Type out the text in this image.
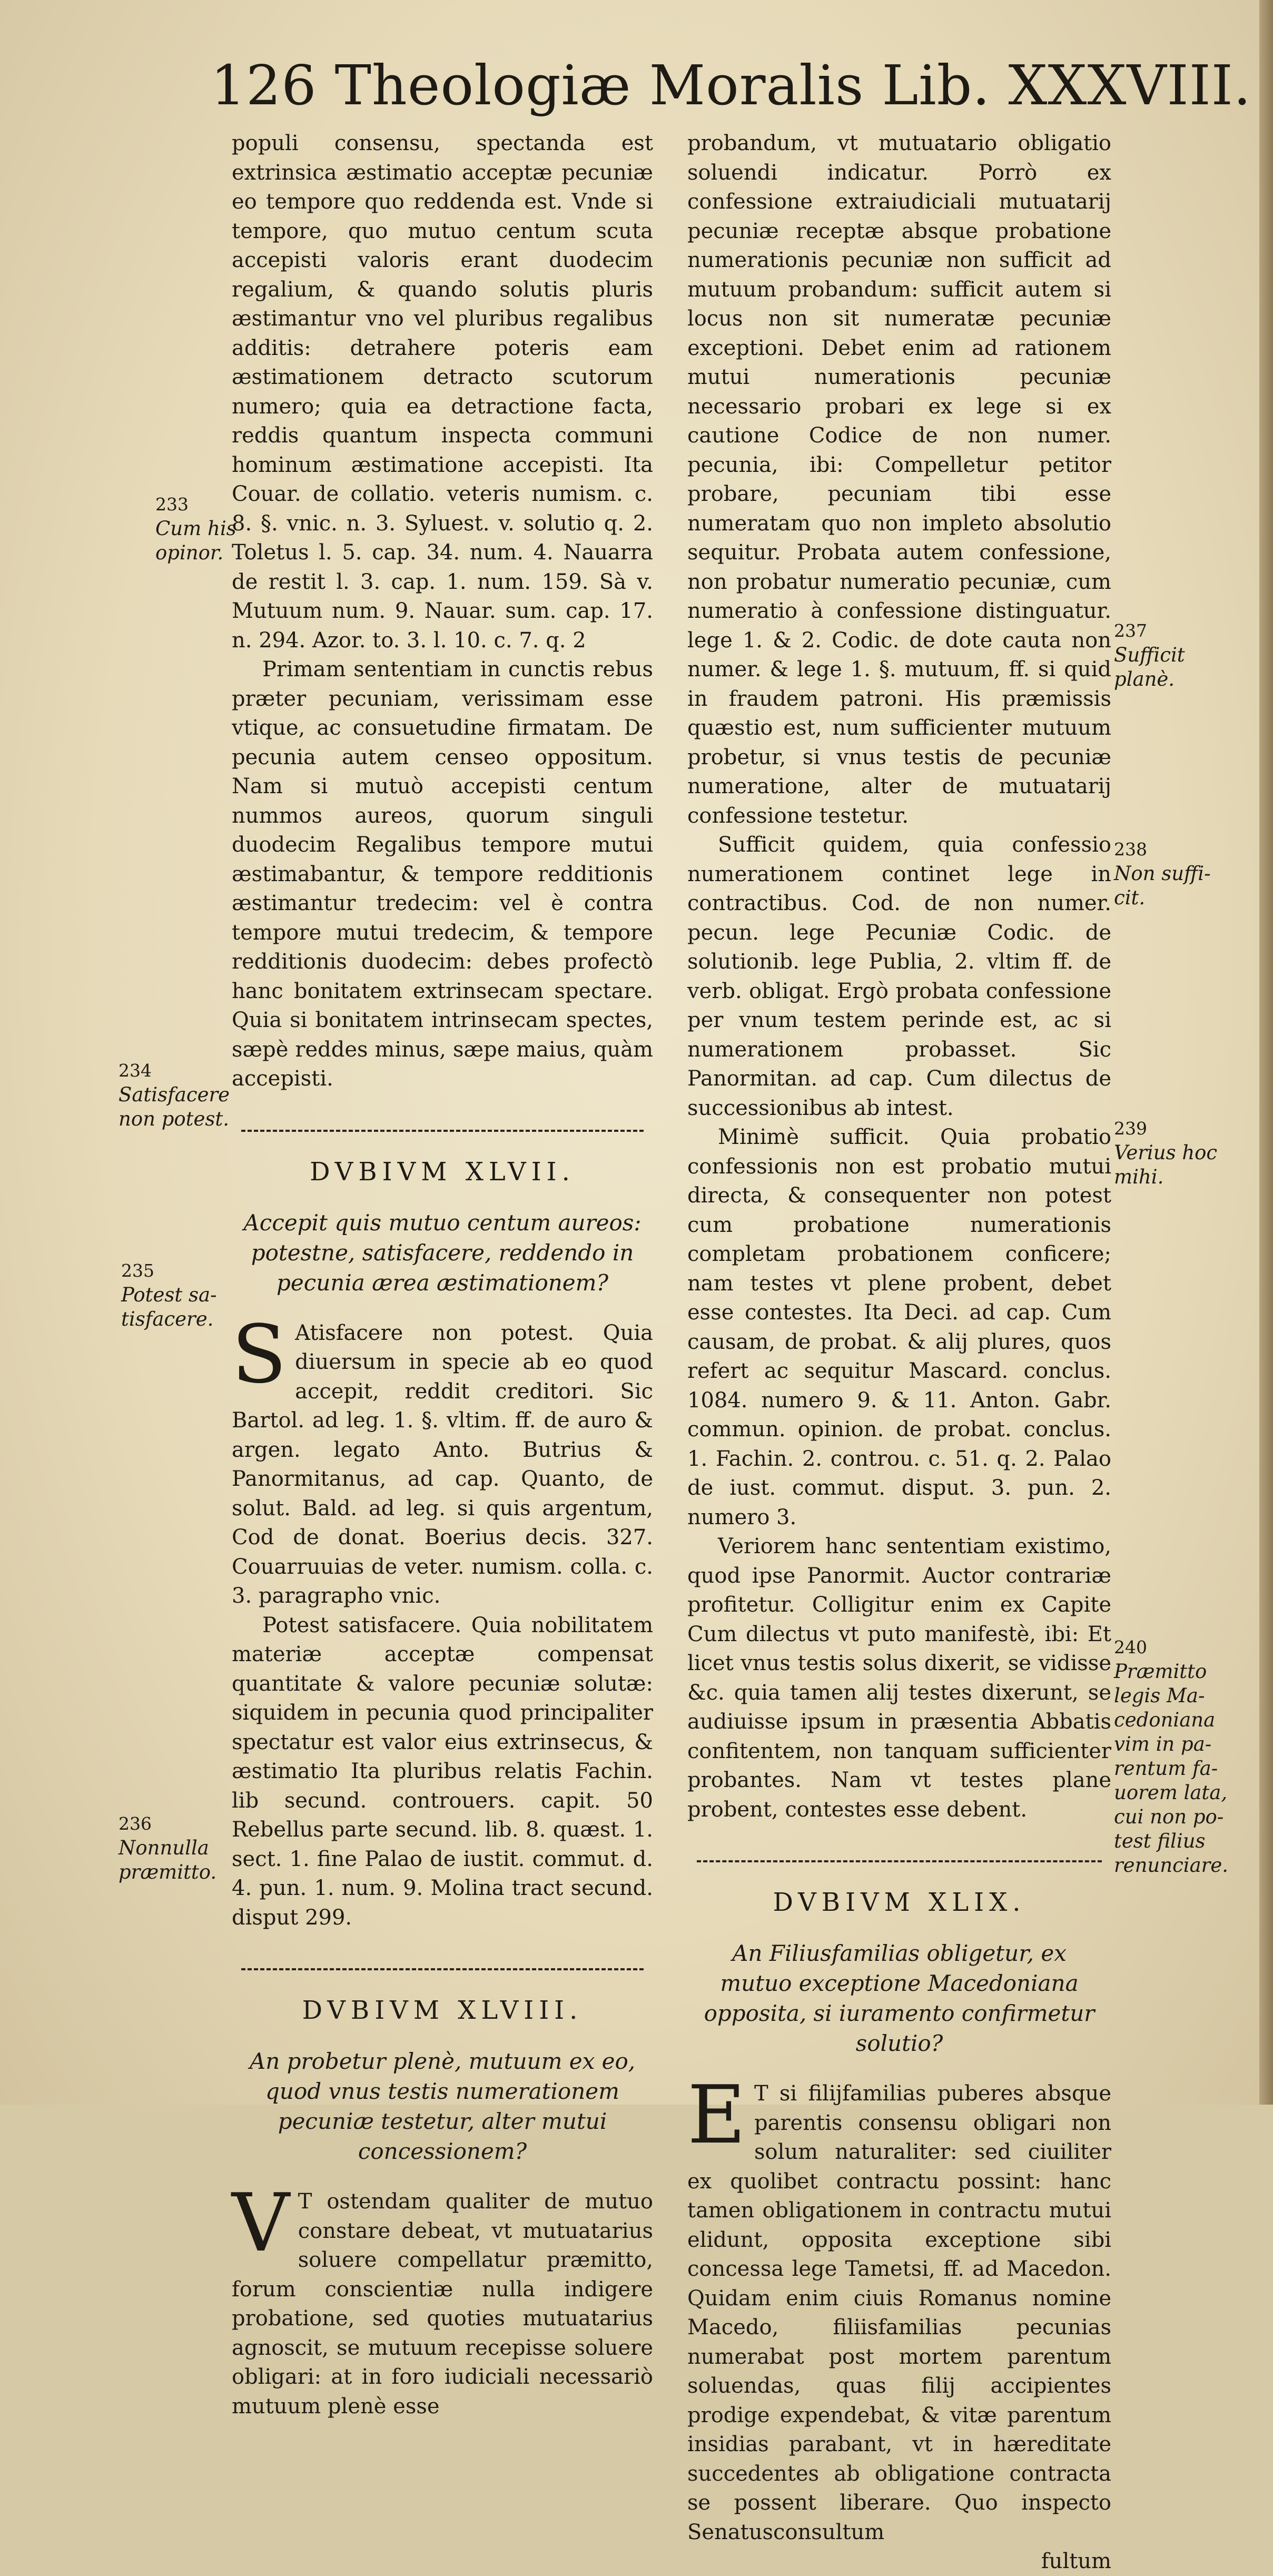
126 Theologiæ Moralis Lib. XXXVIII.

populi consensu, spectanda est extrinsica æstimatio acceptæ pecuniæ eo tempore quo reddenda est. Vnde si tempore, quo mutuo centum scuta accepisti valoris erant duodecim regalium, & quando solutis pluris æstimantur vno vel pluribus regalibus additis: detrahere poteris eam æstimationem detracto scutorum numero; quia ea detractione facta, reddis quantum inspecta communi hominum æstimatione accepisti. Ita Couar. de collatio. veteris numism. c. 8. §. vnic. n. 3. Syluest. v. solutio q. 2. Toletus l. 5. cap. 34. num. 4. Nauarra de restit l. 3. cap. 1. num. 159. Sà v. Mutuum num. 9. Nauar. sum. cap. 17. n. 294. Azor. to. 3. l. 10. c. 7. q. 2

Primam sententiam in cunctis rebus præter pecuniam, verissimam esse vtique, ac consuetudine firmatam. De pecunia autem censeo oppositum. Nam si mutuò accepisti centum nummos aureos, quorum singuli duodecim Regalibus tempore mutui æstimabantur, & tempore redditionis æstimantur tredecim: vel è contra tempore mutui tredecim, & tempore redditionis duodecim: debes profectò hanc bonitatem extrinsecam spectare. Quia si bonitatem intrinsecam spectes, sæpè reddes minus, sæpe maius, quàm accepisti.

DVBIVM XLVII.
Accepit quis mutuo centum aureos: potestne, satisfacere, reddendo in pecunia ærea æstimationem?

S Atisfacere non potest. Quia diuersum in specie ab eo quod accepit, reddit creditori. Sic Bartol. ad leg. 1. §. vltim. ff. de auro & argen. legato Anto. Butrius & Panormitanus, ad cap. Quanto, de solut. Bald. ad leg. si quis argentum, Cod de donat. Boerius decis. 327. Couarruuias de veter. numism. colla. c. 3. paragrapho vnic.

Potest satisfacere. Quia nobilitatem materiæ acceptæ compensat quantitate & valore pecuniæ solutæ: siquidem in pecunia quod principaliter spectatur est valor eius extrinsecus, & æstimatio Ita pluribus relatis Fachin. lib secund. controuers. capit. 50 Rebellus parte secund. lib. 8. quæst. 1. sect. 1. fine Palao de iustit. commut. d. 4. pun. 1. num. 9. Molina tract secund. disput 299.

DVBIVM XLVIII.
An probetur plenè, mutuum ex eo, quod vnus testis numerationem pecuniæ testetur, alter mutui concessionem?

V T ostendam qualiter de mutuo constare debeat, vt mutuatarius soluere compellatur præmitto, forum conscientiæ nulla indigere probatione, sed quoties mutuatarius agnoscit, se mutuum recepisse soluere obligari: at in foro iudiciali necessariò mutuum plenè esse

probandum, vt mutuatario obligatio soluendi indicatur. Porrò ex confessione extraiudiciali mutuatarij pecuniæ receptæ absque probatione numerationis pecuniæ non sufficit ad mutuum probandum: sufficit autem si locus non sit numeratæ pecuniæ exceptioni. Debet enim ad rationem mutui numerationis pecuniæ necessario probari ex lege si ex cautione Codice de non numer. pecunia, ibi: Compelletur petitor probare, pecuniam tibi esse numeratam quo non impleto absolutio sequitur. Probata autem confessione, non probatur numeratio pecuniæ, cum numeratio à confessione distinguatur. lege 1. & 2. Codic. de dote cauta non numer. & lege 1. §. mutuum, ff. si quid in fraudem patroni. His præmissis quæstio est, num sufficienter mutuum probetur, si vnus testis de pecuniæ numeratione, alter de mutuatarij confessione testetur.

Sufficit quidem, quia confessio numerationem continet lege in contractibus. Cod. de non numer. pecun. lege Pecuniæ Codic. de solutionib. lege Publia, 2. vltim ff. de verb. obligat. Ergò probata confessione per vnum testem perinde est, ac si numerationem probasset. Sic Panormitan. ad cap. Cum dilectus de successionibus ab intest.

Minimè sufficit. Quia probatio confessionis non est probatio mutui directa, & consequenter non potest cum probatione numerationis completam probationem conficere; nam testes vt plene probent, debet esse contestes. Ita Deci. ad cap. Cum causam, de probat. & alij plures, quos refert ac sequitur Mascard. conclus. 1084. numero 9. & 11. Anton. Gabr. commun. opinion. de probat. conclus. 1. Fachin. 2. controu. c. 51. q. 2. Palao de iust. commut. disput. 3. pun. 2. numero 3.

Veriorem hanc sententiam existimo, quod ipse Panormit. Auctor contrariæ profitetur. Colligitur enim ex Capite Cum dilectus vt puto manifestè, ibi: Et licet vnus testis solus dixerit, se vidisse &c. quia tamen alij testes dixerunt, se audiuisse ipsum in præsentia Abbatis confitentem, non tanquam sufficienter probantes. Nam vt testes plane probent, contestes esse debent.

DVBIVM XLIX.
An Filiusfamilias obligetur, ex mutuo exceptione Macedoniana opposita, si iuramento confirmetur solutio?

E T si filijfamilias puberes absque parentis consensu obligari non solum naturaliter: sed ciuiliter ex quolibet contractu possint: hanc tamen obligationem in contractu mutui elidunt, opposita exceptione sibi concessa lege Tametsi, ff. ad Macedon. Quidam enim ciuis Romanus nomine Macedo, filiisfamilias pecunias numerabat post mortem parentum soluendas, quas filij accipientes prodige expendebat, & vitæ parentum insidias parabant, vt in hæreditate succedentes ab obligatione contracta se possent liberare. Quo inspecto Senatusconsultum

fultum

233
Cum his
opinor.
234
Satisfacere
non potest.
235
Potest sa-
tisfacere.
236
Nonnulla
præmitto.
237
Sufficit
planè.
238
Non suffi-
cit.
239
Verius hoc
mihi.
240
Præmitto
legis Ma-
cedoniana
vim in pa-
rentum fa-
uorem lata,
cui non po-
test filius
renunciare.
